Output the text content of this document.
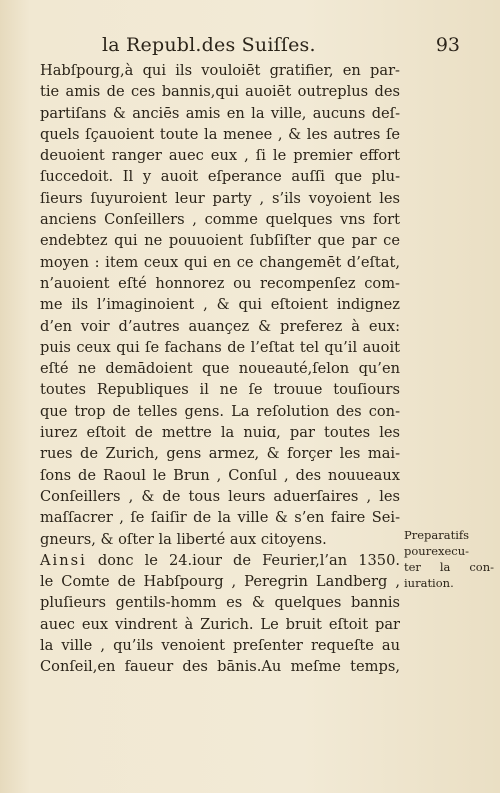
la Republ.des Suiſſes.	93
Habſpourg,à qui ils vouloiēt gratifier, en par-
tie amis de ces bannis,qui auoiēt outreplus des
partiſans & anciēs amis en la ville, aucuns deſ-
quels ſçauoient toute la menee , & les autres ſe
deuoient ranger auec eux , ſi le premier effort
ſuccedoit. Il y auoit eſperance auſſi que plu-
ſieurs ſuyuroient leur party , s’ils voyoient les
anciens Conſeillers , comme quelques vns fort
endebtez qui ne pouuoient ſubſiſter que par ce
moyen : item ceux qui en ce changemēt d’eſtat,
n’auoient eſté honnorez ou recompenſez com-
me ils l’imaginoient , & qui eſtoient indignez
d’en voir d’autres auançez & preferez à eux:
puis ceux qui ſe fachans de l’eſtat tel qu’il auoit
eſté ne demādoient que noueauté,ſelon qu’en
toutes Republiques il ne ſe trouue touſiours
que trop de telles gens. La reſolution des con-
iurez eſtoit de mettre la nuiɑ, par toutes les
rues de Zurich, gens armez, & forçer les mai-
ſons de Raoul le Brun , Conſul , des nouueaux
Conſeillers , & de tous leurs aduerſaires , les
maſſacrer , ſe ſaiſir de la ville & s’en faire Sei-
gneurs, & oſter la liberté aux citoyens.
Ainsi donc le 24.iour de Feurier,l’an 1350.
le Comte de Habſpourg , Peregrin Landberg ,
pluſieurs gentils-homm es & quelques bannis
auec eux vindrent à Zurich. Le bruit eſtoit par
la ville , qu’ils venoient preſenter requeſte au
Conſeil,en faueur des bānis.Au meſme temps,
Preparatifs
pourexecu-
ter la con-
iuration.
